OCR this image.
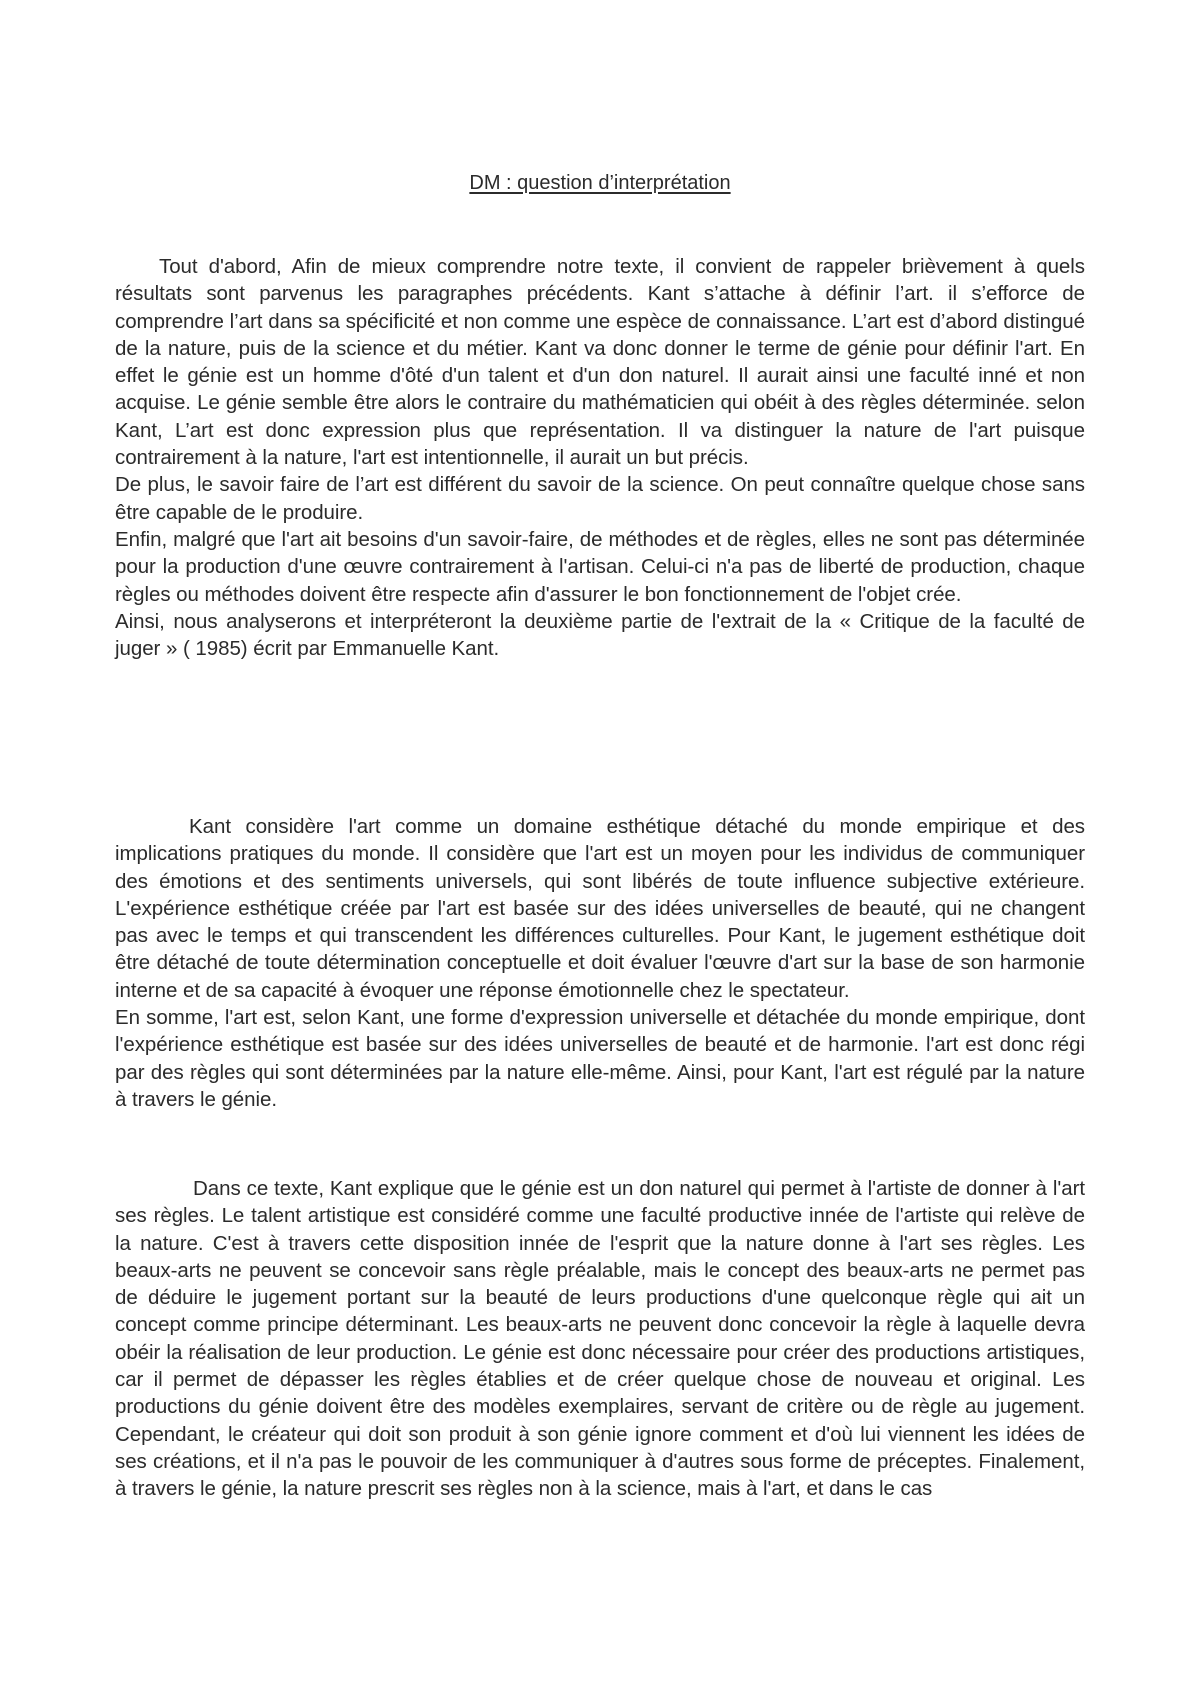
DM : question d’interprétation

Tout d'abord, Afin de mieux comprendre notre texte, il convient de rappeler brièvement à quels résultats sont parvenus les paragraphes précédents. Kant s’attache à définir l’art. il s’efforce de comprendre l’art dans sa spécificité et non comme une espèce de connaissance. L’art est d’abord distingué de la nature, puis de la science et du métier. Kant va donc donner le terme de génie pour définir l'art. En effet le génie est un homme d'ôté d'un talent et d'un don naturel. Il aurait ainsi une faculté inné et non acquise. Le génie semble être alors le contraire du mathématicien qui obéit à des règles déterminée. selon Kant, L’art est donc expression plus que représentation. Il va distinguer la nature de l'art puisque contrairement à la nature, l'art est intentionnelle, il aurait un but précis.

De plus, le savoir faire de l’art est différent du savoir de la science. On peut connaître quelque chose sans être capable de le produire.

Enfin, malgré que l'art ait besoins d'un savoir-faire, de méthodes et de règles, elles ne sont pas déterminée pour la production d'une œuvre contrairement à l'artisan. Celui-ci n'a pas de liberté de production, chaque règles ou méthodes doivent être respecte afin d'assurer le bon fonctionnement de l'objet crée.

Ainsi, nous analyserons et interpréteront la deuxième partie de l'extrait de la « Critique de la faculté de juger » ( 1985) écrit par Emmanuelle Kant.

Kant considère l'art comme un domaine esthétique détaché du monde empirique et des implications pratiques du monde. Il considère que l'art est un moyen pour les individus de communiquer des émotions et des sentiments universels, qui sont libérés de toute influence subjective extérieure. L'expérience esthétique créée par l'art est basée sur des idées universelles de beauté, qui ne changent pas avec le temps et qui transcendent les différences culturelles. Pour Kant, le jugement esthétique doit être détaché de toute détermination conceptuelle et doit évaluer l'œuvre d'art sur la base de son harmonie interne et de sa capacité à évoquer une réponse émotionnelle chez le spectateur.

En somme, l'art est, selon Kant, une forme d'expression universelle et détachée du monde empirique, dont l'expérience esthétique est basée sur des idées universelles de beauté et de harmonie. l'art est donc régi par des règles qui sont déterminées par la nature elle-même. Ainsi, pour Kant, l'art est régulé par la nature à travers le génie.

Dans ce texte, Kant explique que le génie est un don naturel qui permet à l'artiste de donner à l'art ses règles. Le talent artistique est considéré comme une faculté productive innée de l'artiste qui relève de la nature. C'est à travers cette disposition innée de l'esprit que la nature donne à l'art ses règles. Les beaux-arts ne peuvent se concevoir sans règle préalable, mais le concept des beaux-arts ne permet pas de déduire le jugement portant sur la beauté de leurs productions d'une quelconque règle qui ait un concept comme principe déterminant. Les beaux-arts ne peuvent donc concevoir la règle à laquelle devra obéir la réalisation de leur production. Le génie est donc nécessaire pour créer des productions artistiques, car il permet de dépasser les règles établies et de créer quelque chose de nouveau et original. Les productions du génie doivent être des modèles exemplaires, servant de critère ou de règle au jugement. Cependant, le créateur qui doit son produit à son génie ignore comment et d'où lui viennent les idées de ses créations, et il n'a pas le pouvoir de les communiquer à d'autres sous forme de préceptes. Finalement, à travers le génie, la nature prescrit ses règles non à la science, mais à l'art, et dans le cas
